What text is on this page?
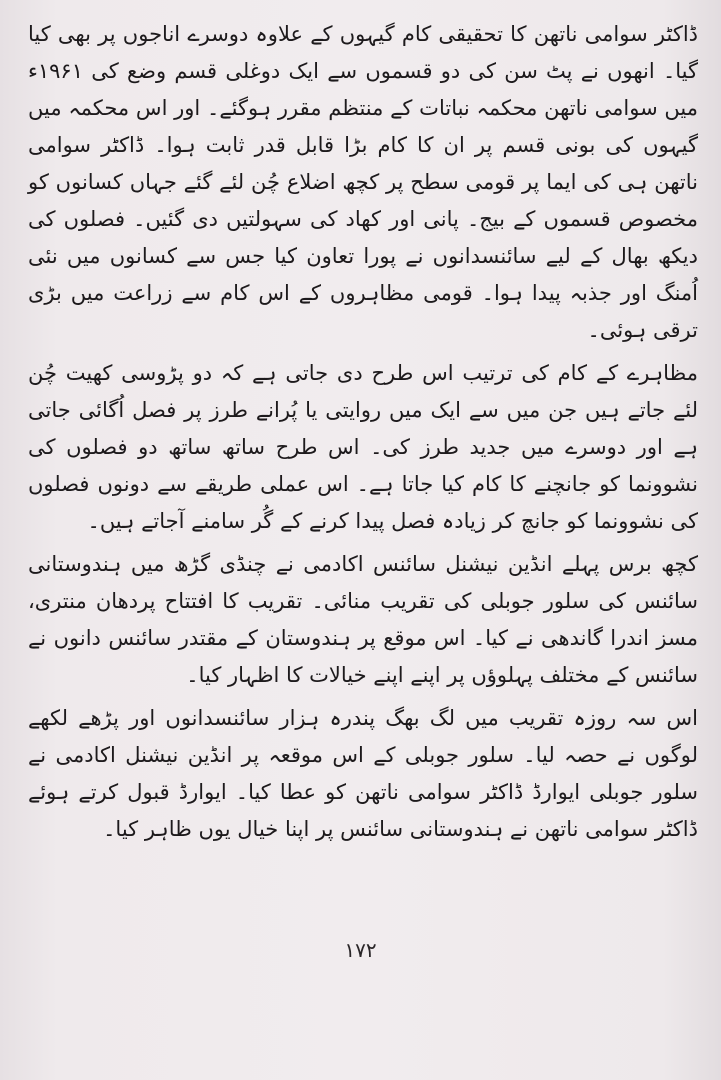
ڈاکٹر سوامی ناتھن کا تحقیقی کام گیہوں کے علاوہ دوسرے اناجوں پر بھی کیا گیا۔ انھوں نے پٹ سن کی دو قسموں سے ایک دوغلی قسم وضع کی ۱۹۶۱ء میں سوامی ناتھن محکمہ نباتات کے منتظم مقرر ہوگئے۔ اور اس محکمہ میں گیہوں کی بونی قسم پر ان کا کام بڑا قابل قدر ثابت ہوا۔ ڈاکٹر سوامی ناتھن ہی کی ایما پر قومی سطح پر کچھ اضلاع چُن لئے گئے جہاں کسانوں کو مخصوص قسموں کے بیج۔ پانی اور کھاد کی سہولتیں دی گئیں۔ فصلوں کی دیکھ بھال کے لیے سائنسدانوں نے پورا تعاون کیا جس سے کسانوں میں نئی اُمنگ اور جذبہ پیدا ہوا۔ قومی مظاہروں کے اس کام سے زراعت میں بڑی ترقی ہوئی۔

مظاہرے کے کام کی ترتیب اس طرح دی جاتی ہے کہ دو پڑوسی کھیت چُن لئے جاتے ہیں جن میں سے ایک میں روایتی یا پُرانے طرز پر فصل اُگائی جاتی ہے اور دوسرے میں جدید طرز کی۔ اس طرح ساتھ ساتھ دو فصلوں کی نشوونما کو جانچنے کا کام کیا جاتا ہے۔ اس عملی طریقے سے دونوں فصلوں کی نشوونما کو جانچ کر زیادہ فصل پیدا کرنے کے گُر سامنے آجاتے ہیں۔

کچھ برس پہلے انڈین نیشنل سائنس اکادمی نے چنڈی گڑھ میں ہندوستانی سائنس کی سلور جوبلی کی تقریب منائی۔ تقریب کا افتتاح پردھان منتری، مسز اندرا گاندھی نے کیا۔ اس موقع پر ہندوستان کے مقتدر سائنس دانوں نے سائنس کے مختلف پہلوؤں پر اپنے اپنے خیالات کا اظہار کیا۔

اس سہ روزہ تقریب میں لگ بھگ پندرہ ہزار سائنسدانوں اور پڑھے لکھے لوگوں نے حصہ لیا۔ سلور جوبلی کے اس موقعہ پر انڈین نیشنل اکادمی نے سلور جوبلی ایوارڈ ڈاکٹر سوامی ناتھن کو عطا کیا۔ ایوارڈ قبول کرتے ہوئے ڈاکٹر سوامی ناتھن نے ہندوستانی سائنس پر اپنا خیال یوں ظاہر کیا۔

۱۷۲
